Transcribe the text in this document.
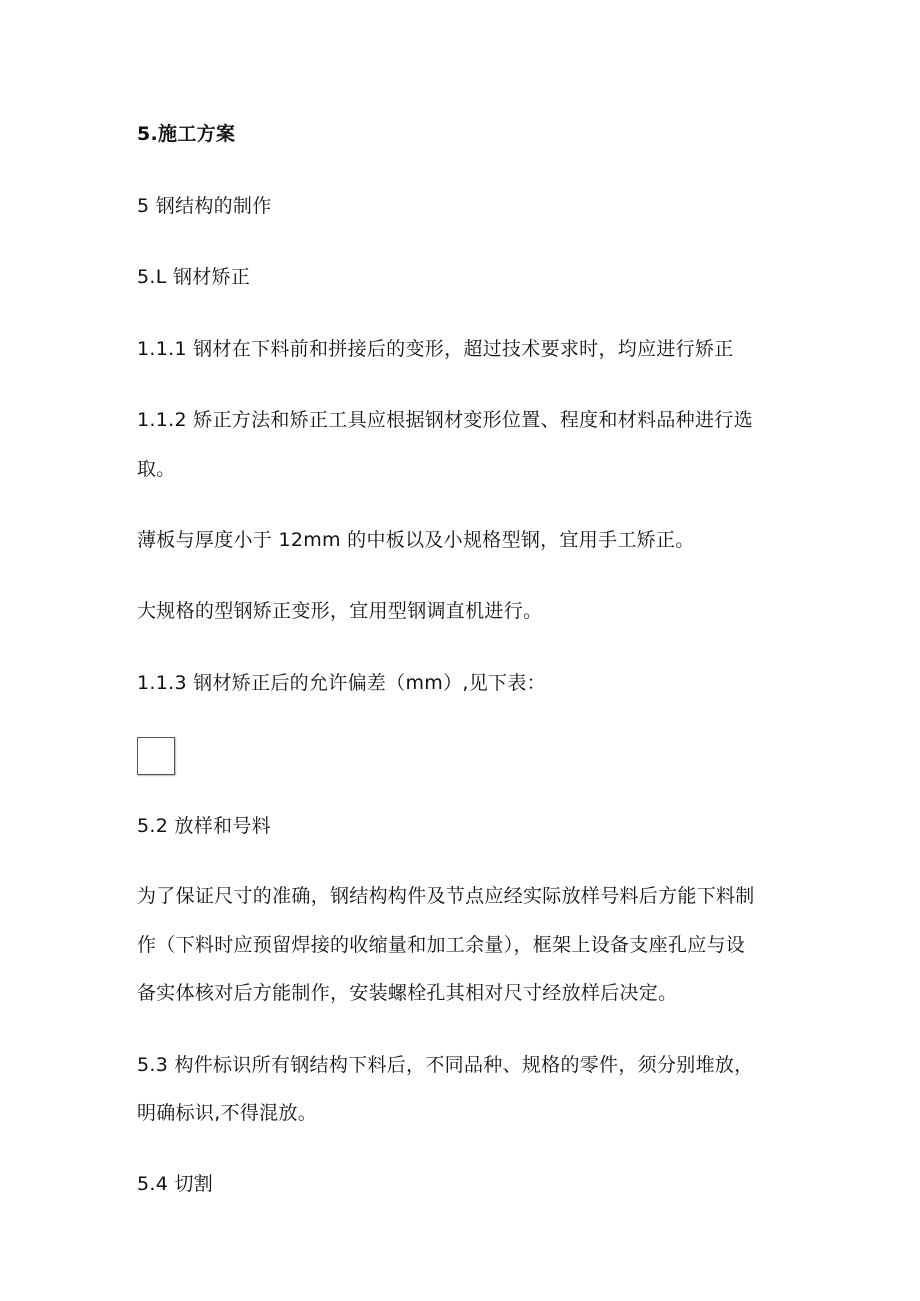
5.施工方案
5 钢结构的制作
5.L 钢材矫正
1.1.1 钢材在下料前和拼接后的变形，超过技术要求时，均应进行矫正
1.1.2 矫正方法和矫正工具应根据钢材变形位置、程度和材料品种进行选
取。
薄板与厚度小于 12mm 的中板以及小规格型钢，宜用手工矫正。
大规格的型钢矫正变形，宜用型钢调直机进行。
1.1.3 钢材矫正后的允许偏差（mm）,见下表：
5.2 放样和号料
为了保证尺寸的准确，钢结构构件及节点应经实际放样号料后方能下料制
作（下料时应预留焊接的收缩量和加工余量），框架上设备支座孔应与设
备实体核对后方能制作，安装螺栓孔其相对尺寸经放样后决定。
5.3 构件标识所有钢结构下料后，不同品种、规格的零件，须分别堆放，
明确标识,不得混放。
5.4 切割
